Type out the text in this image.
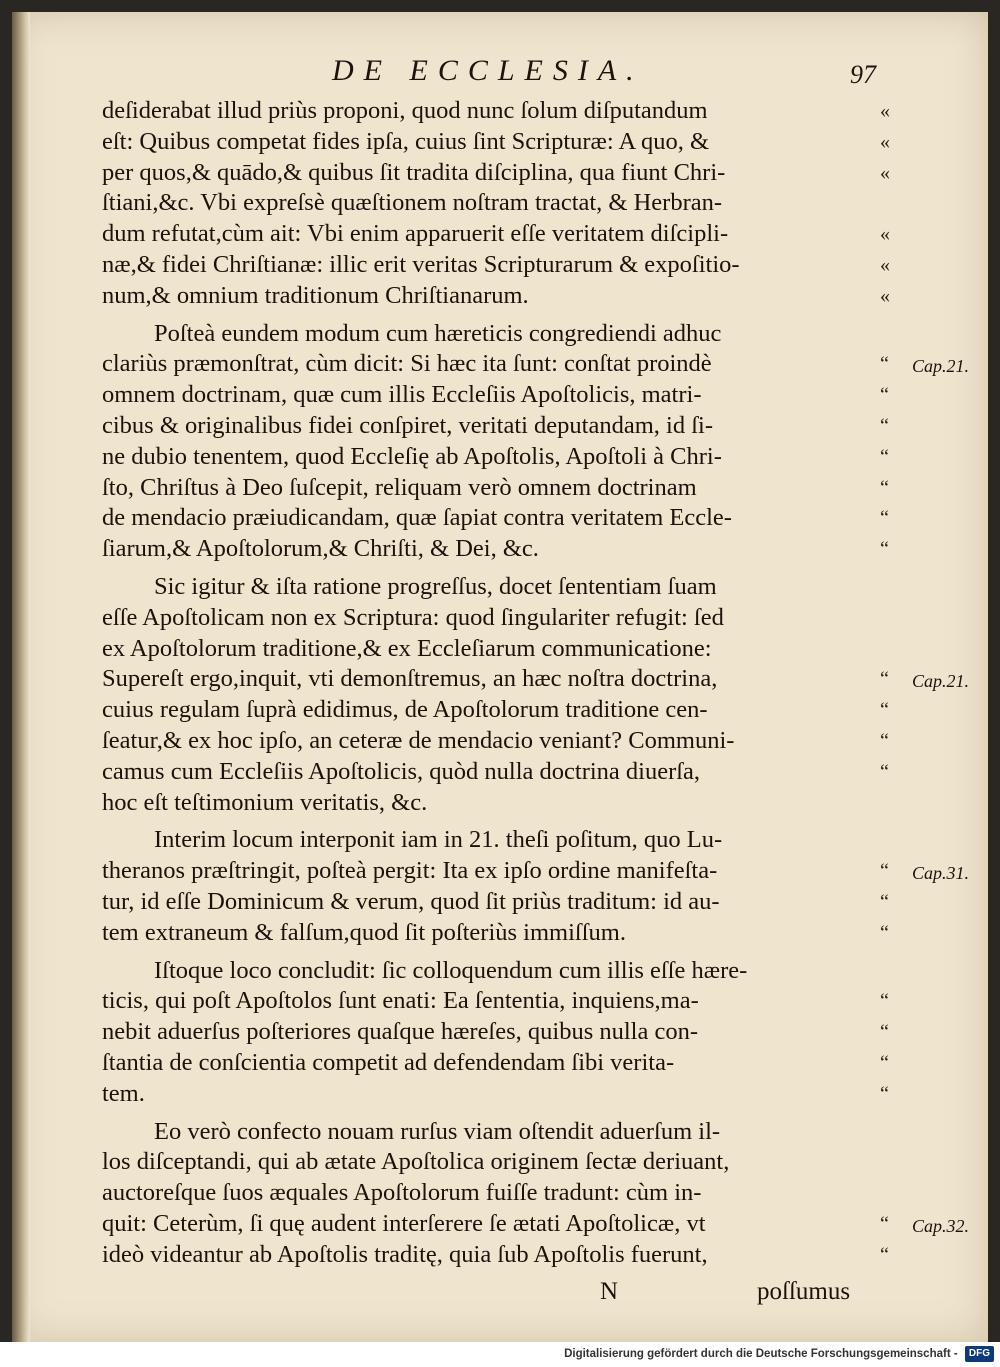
DE ECCLESIA.	97
deſiderabat illud priùs proponi, quod nunc ſolum diſputandum	«
eſt: Quibus competat fides ipſa, cuius ſint Scripturæ: A quo, &	«
per quos,& quādo,& quibus ſit tradita diſciplina, qua fiunt Chri-	«
ſtiani,&c. Vbi expreſsè quæſtionem noſtram tractat, & Herbran-
dum refutat,cùm ait: Vbi enim apparuerit eſſe veritatem diſcipli-	«
næ,& fidei Chriſtianæ: illic erit veritas Scripturarum & expoſitio-	«
num,& omnium traditionum Chriſtianarum.	«
Poſteà eundem modum cum hæreticis congrediendi adhuc
clariùs præmonſtrat, cùm dicit: Si hæc ita ſunt: conſtat proindè	“ Cap.21.
omnem doctrinam, quæ cum illis Eccleſiis Apoſtolicis, matri-	“
cibus & originalibus fidei conſpiret, veritati deputandam, id ſi-	“
ne dubio tenentem, quod Eccleſię ab Apoſtolis, Apoſtoli à Chri-	“
ſto, Chriſtus à Deo ſuſcepit, reliquam verò omnem doctrinam	“
de mendacio præiudicandam, quæ ſapiat contra veritatem Eccle-	“
ſiarum,& Apoſtolorum,& Chriſti, & Dei, &c.	“
Sic igitur & iſta ratione progreſſus, docet ſententiam ſuam
eſſe Apoſtolicam non ex Scriptura: quod ſingulariter refugit: ſed
ex Apoſtolorum traditione,& ex Eccleſiarum communicatione:
Supereſt ergo,inquit, vti demonſtremus, an hæc noſtra doctrina,	“ Cap.21.
cuius regulam ſuprà edidimus, de Apoſtolorum traditione cen-	“
ſeatur,& ex hoc ipſo, an ceteræ de mendacio veniant? Communi-	“
camus cum Eccleſiis Apoſtolicis, quòd nulla doctrina diuerſa,	“
hoc eſt teſtimonium veritatis, &c.
Interim locum interponit iam in 21. theſi poſitum, quo Lu-
theranos præſtringit, poſteà pergit: Ita ex ipſo ordine manifeſta-	“ Cap.31.
tur, id eſſe Dominicum & verum, quod ſit priùs traditum: id au-	“
tem extraneum & falſum,quod ſit poſteriùs immiſſum.	“
Iſtoque loco concludit: ſic colloquendum cum illis eſſe hære-
ticis, qui poſt Apoſtolos ſunt enati: Ea ſententia, inquiens,ma-	“
nebit aduerſus poſteriores quaſque hæreſes, quibus nulla con-	“
ſtantia de conſcientia competit ad defendendam ſibi verita-	“
tem.	“
Eo verò confecto nouam rurſus viam oſtendit aduerſum il-
los diſceptandi, qui ab ætate Apoſtolica originem ſectæ deriuant,
auctoreſque ſuos æquales Apoſtolorum fuiſſe tradunt: cùm in-
quit: Ceterùm, ſi quę audent interſerere ſe ætati Apoſtolicæ, vt	“ Cap.32.
ideò videantur ab Apoſtolis traditę, quia ſub Apoſtolis fuerunt,	“
N	poſſumus
Digitalisierung gefördert durch die Deutsche Forschungsgemeinschaft - DFG
